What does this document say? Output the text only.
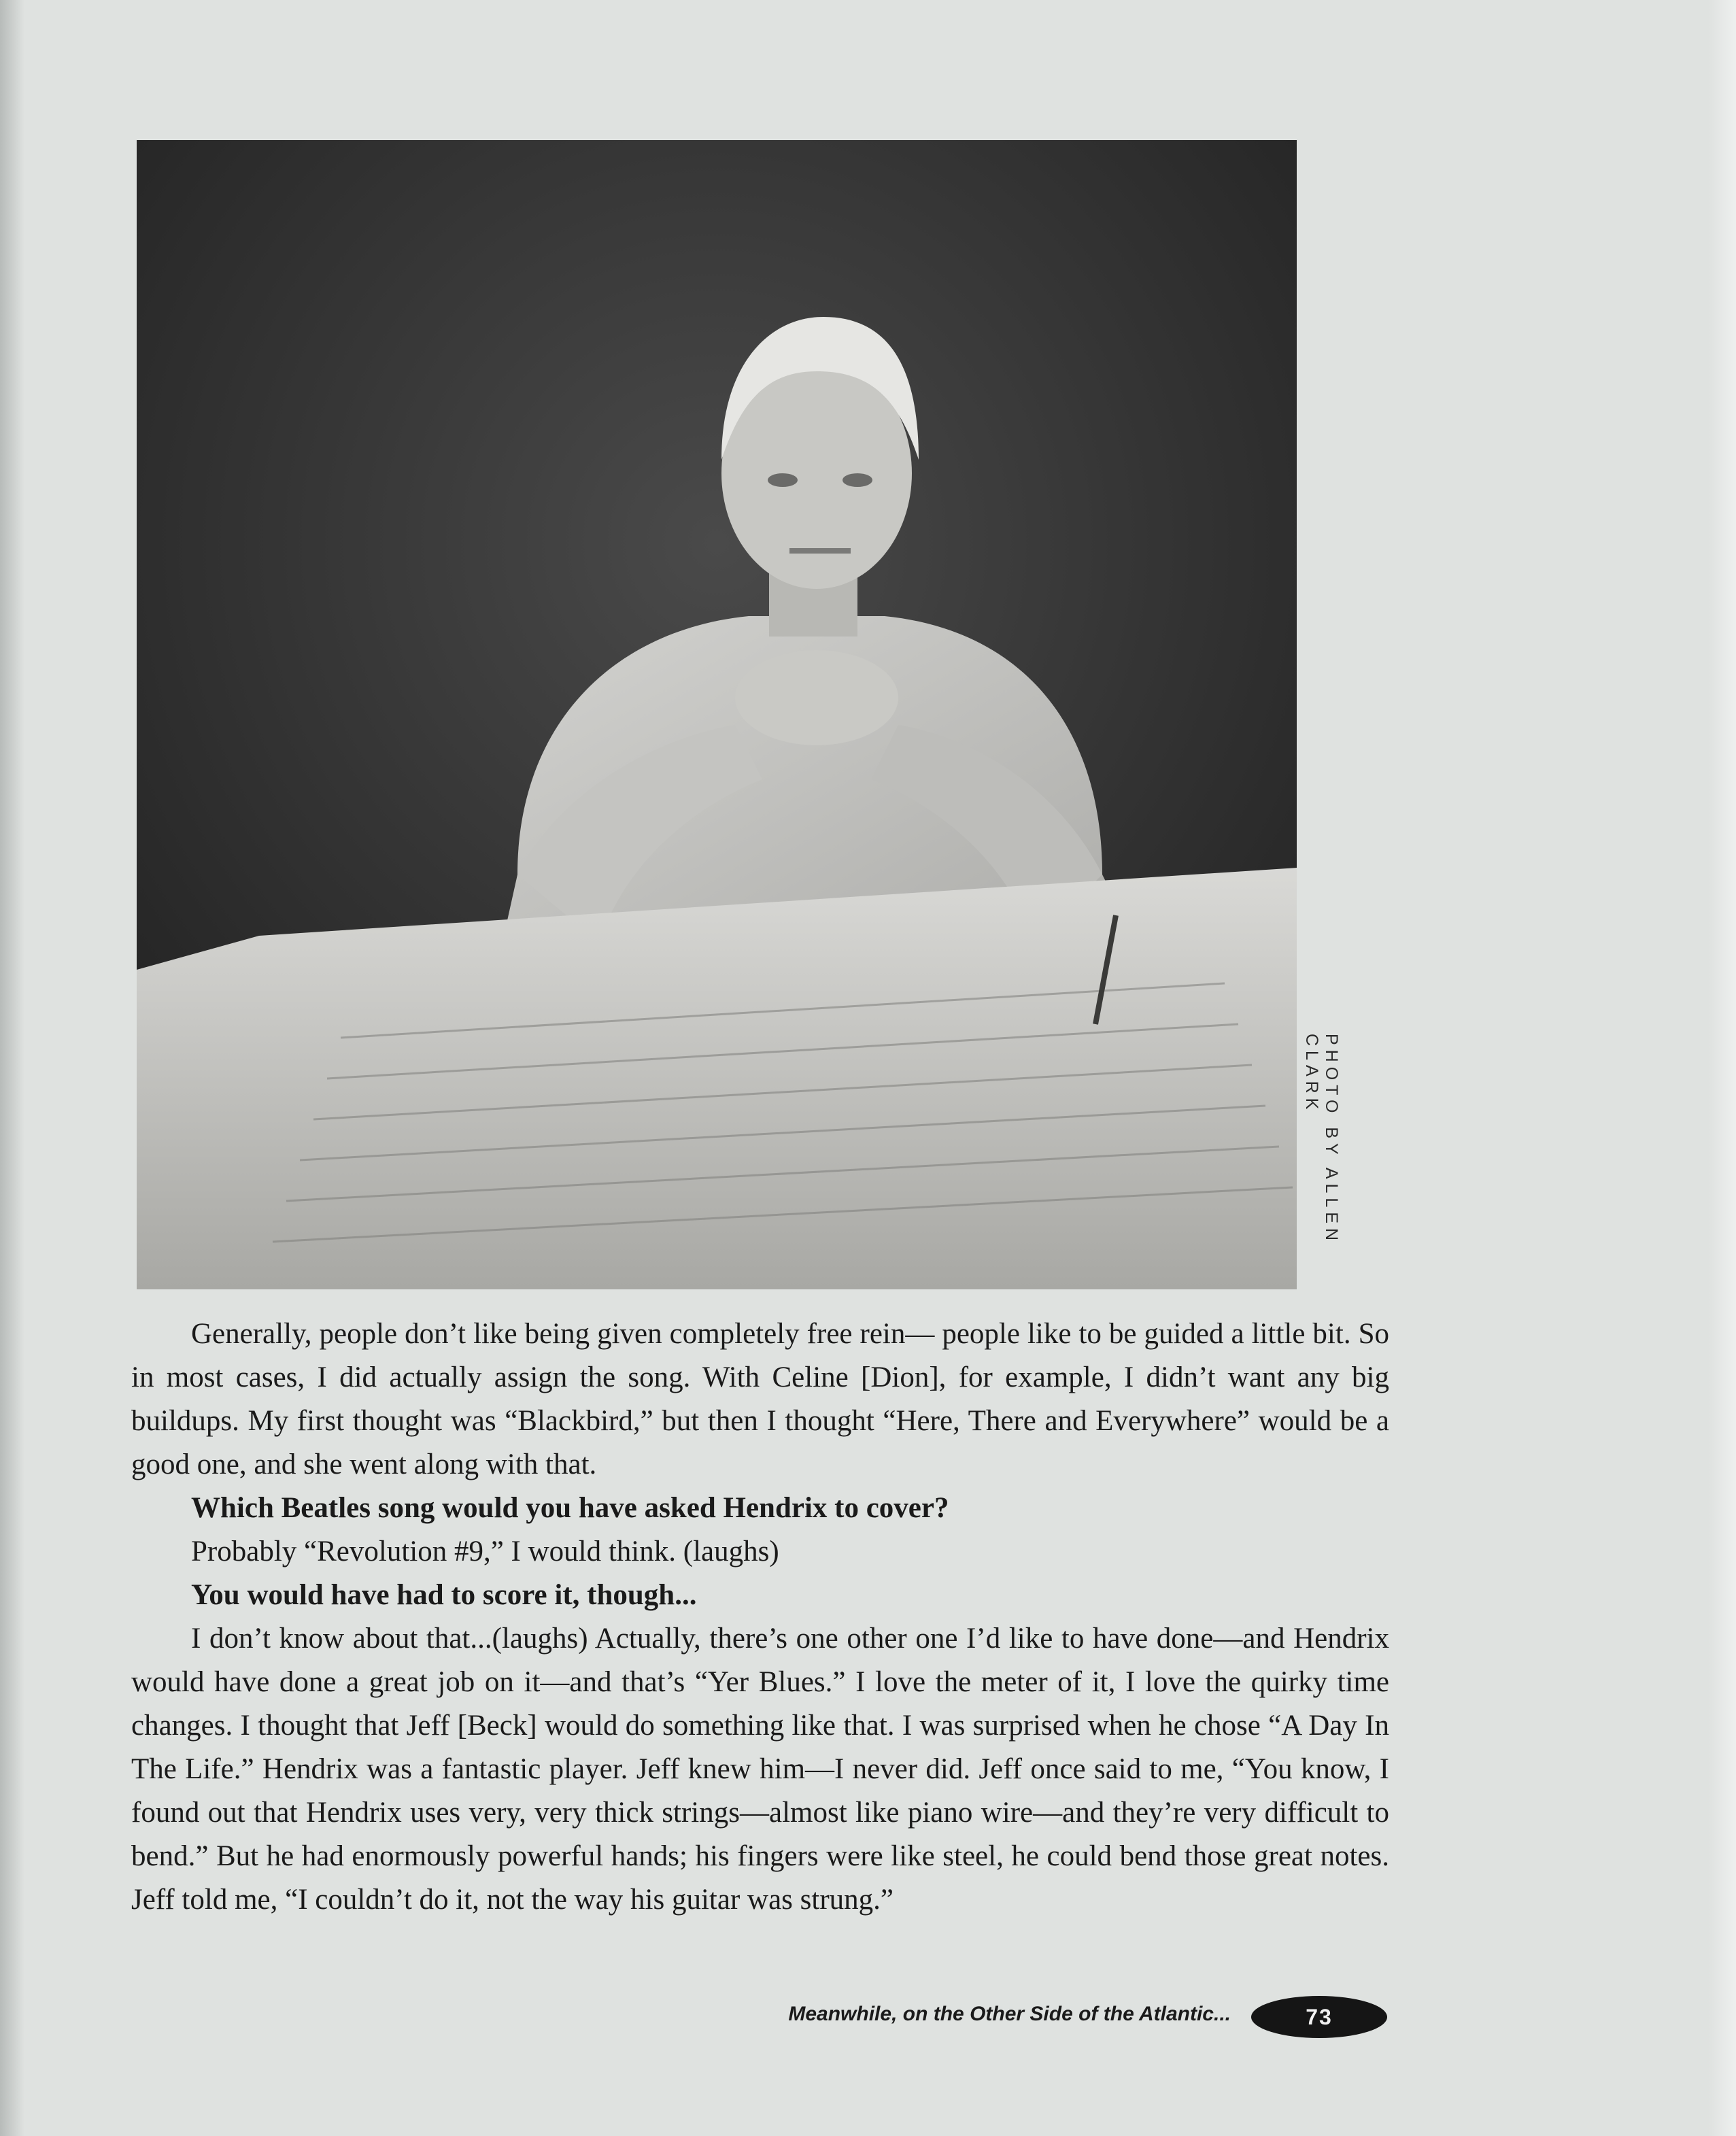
PHOTO BY ALLEN CLARK

Generally, people don’t like being given completely free rein— people like to be guided a little bit. So in most cases, I did actually assign the song. With Celine [Dion], for example, I didn’t want any big buildups. My first thought was “Blackbird,” but then I thought “Here, There and Everywhere” would be a good one, and she went along with that.

Which Beatles song would you have asked Hendrix to cover?

Probably “Revolution #9,” I would think. (laughs)

You would have had to score it, though...

I don’t know about that...(laughs) Actually, there’s one other one I’d like to have done—and Hendrix would have done a great job on it—and that’s “Yer Blues.” I love the meter of it, I love the quirky time changes. I thought that Jeff [Beck] would do something like that. I was surprised when he chose “A Day In The Life.” Hendrix was a fantastic player. Jeff knew him—I never did. Jeff once said to me, “You know, I found out that Hendrix uses very, very thick strings—almost like piano wire—and they’re very difficult to bend.” But he had enormously powerful hands; his fingers were like steel, he could bend those great notes. Jeff told me, “I couldn’t do it, not the way his guitar was strung.”

Meanwhile, on the Other Side of the Atlantic...	73
